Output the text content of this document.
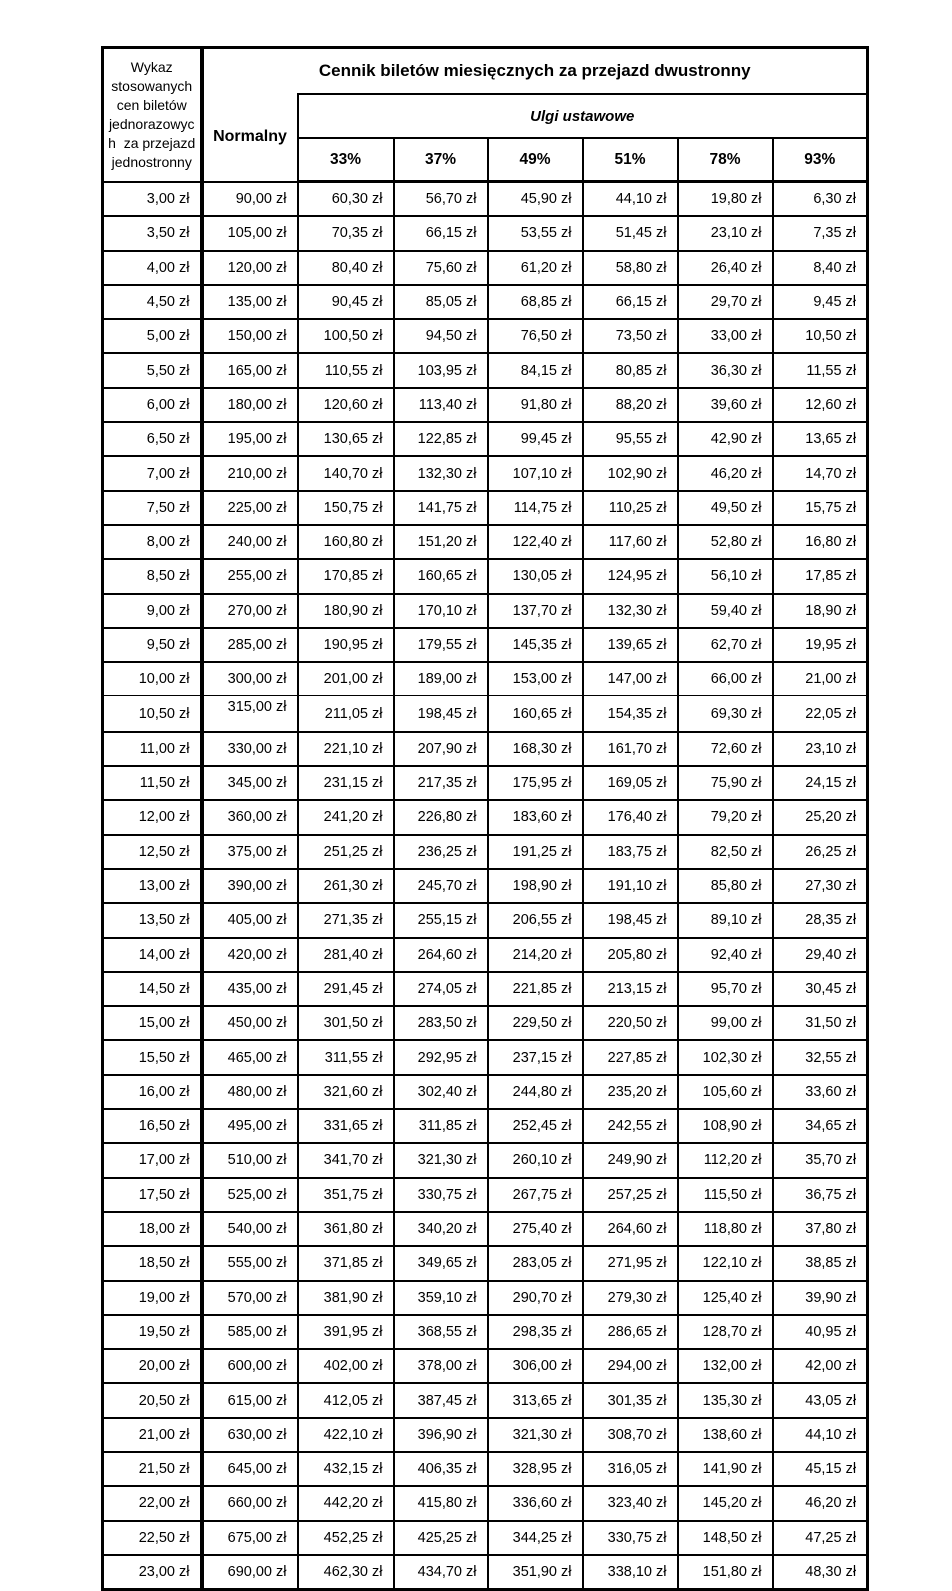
Wykaz
stosowanych
cen biletów
jednorazowyc
h  za przejazd
jednostronny	Cennik biletów miesięcznych za przejazd dwustronny
	Normalny	Ulgi ustawowe					
		33%	37%	49%	51%	78%	93%
3,00 zł	90,00 zł	60,30 zł	56,70 zł	45,90 zł	44,10 zł	19,80 zł	6,30 zł
3,50 zł	105,00 zł	70,35 zł	66,15 zł	53,55 zł	51,45 zł	23,10 zł	7,35 zł
4,00 zł	120,00 zł	80,40 zł	75,60 zł	61,20 zł	58,80 zł	26,40 zł	8,40 zł
4,50 zł	135,00 zł	90,45 zł	85,05 zł	68,85 zł	66,15 zł	29,70 zł	9,45 zł
5,00 zł	150,00 zł	100,50 zł	94,50 zł	76,50 zł	73,50 zł	33,00 zł	10,50 zł
5,50 zł	165,00 zł	110,55 zł	103,95 zł	84,15 zł	80,85 zł	36,30 zł	11,55 zł
6,00 zł	180,00 zł	120,60 zł	113,40 zł	91,80 zł	88,20 zł	39,60 zł	12,60 zł
6,50 zł	195,00 zł	130,65 zł	122,85 zł	99,45 zł	95,55 zł	42,90 zł	13,65 zł
7,00 zł	210,00 zł	140,70 zł	132,30 zł	107,10 zł	102,90 zł	46,20 zł	14,70 zł
7,50 zł	225,00 zł	150,75 zł	141,75 zł	114,75 zł	110,25 zł	49,50 zł	15,75 zł
8,00 zł	240,00 zł	160,80 zł	151,20 zł	122,40 zł	117,60 zł	52,80 zł	16,80 zł
8,50 zł	255,00 zł	170,85 zł	160,65 zł	130,05 zł	124,95 zł	56,10 zł	17,85 zł
9,00 zł	270,00 zł	180,90 zł	170,10 zł	137,70 zł	132,30 zł	59,40 zł	18,90 zł
9,50 zł	285,00 zł	190,95 zł	179,55 zł	145,35 zł	139,65 zł	62,70 zł	19,95 zł
10,00 zł	300,00 zł	201,00 zł	189,00 zł	153,00 zł	147,00 zł	66,00 zł	21,00 zł
10,50 zł	315,00 zł	211,05 zł	198,45 zł	160,65 zł	154,35 zł	69,30 zł	22,05 zł
11,00 zł	330,00 zł	221,10 zł	207,90 zł	168,30 zł	161,70 zł	72,60 zł	23,10 zł
11,50 zł	345,00 zł	231,15 zł	217,35 zł	175,95 zł	169,05 zł	75,90 zł	24,15 zł
12,00 zł	360,00 zł	241,20 zł	226,80 zł	183,60 zł	176,40 zł	79,20 zł	25,20 zł
12,50 zł	375,00 zł	251,25 zł	236,25 zł	191,25 zł	183,75 zł	82,50 zł	26,25 zł
13,00 zł	390,00 zł	261,30 zł	245,70 zł	198,90 zł	191,10 zł	85,80 zł	27,30 zł
13,50 zł	405,00 zł	271,35 zł	255,15 zł	206,55 zł	198,45 zł	89,10 zł	28,35 zł
14,00 zł	420,00 zł	281,40 zł	264,60 zł	214,20 zł	205,80 zł	92,40 zł	29,40 zł
14,50 zł	435,00 zł	291,45 zł	274,05 zł	221,85 zł	213,15 zł	95,70 zł	30,45 zł
15,00 zł	450,00 zł	301,50 zł	283,50 zł	229,50 zł	220,50 zł	99,00 zł	31,50 zł
15,50 zł	465,00 zł	311,55 zł	292,95 zł	237,15 zł	227,85 zł	102,30 zł	32,55 zł
16,00 zł	480,00 zł	321,60 zł	302,40 zł	244,80 zł	235,20 zł	105,60 zł	33,60 zł
16,50 zł	495,00 zł	331,65 zł	311,85 zł	252,45 zł	242,55 zł	108,90 zł	34,65 zł
17,00 zł	510,00 zł	341,70 zł	321,30 zł	260,10 zł	249,90 zł	112,20 zł	35,70 zł
17,50 zł	525,00 zł	351,75 zł	330,75 zł	267,75 zł	257,25 zł	115,50 zł	36,75 zł
18,00 zł	540,00 zł	361,80 zł	340,20 zł	275,40 zł	264,60 zł	118,80 zł	37,80 zł
18,50 zł	555,00 zł	371,85 zł	349,65 zł	283,05 zł	271,95 zł	122,10 zł	38,85 zł
19,00 zł	570,00 zł	381,90 zł	359,10 zł	290,70 zł	279,30 zł	125,40 zł	39,90 zł
19,50 zł	585,00 zł	391,95 zł	368,55 zł	298,35 zł	286,65 zł	128,70 zł	40,95 zł
20,00 zł	600,00 zł	402,00 zł	378,00 zł	306,00 zł	294,00 zł	132,00 zł	42,00 zł
20,50 zł	615,00 zł	412,05 zł	387,45 zł	313,65 zł	301,35 zł	135,30 zł	43,05 zł
21,00 zł	630,00 zł	422,10 zł	396,90 zł	321,30 zł	308,70 zł	138,60 zł	44,10 zł
21,50 zł	645,00 zł	432,15 zł	406,35 zł	328,95 zł	316,05 zł	141,90 zł	45,15 zł
22,00 zł	660,00 zł	442,20 zł	415,80 zł	336,60 zł	323,40 zł	145,20 zł	46,20 zł
22,50 zł	675,00 zł	452,25 zł	425,25 zł	344,25 zł	330,75 zł	148,50 zł	47,25 zł
23,00 zł	690,00 zł	462,30 zł	434,70 zł	351,90 zł	338,10 zł	151,80 zł	48,30 zł
